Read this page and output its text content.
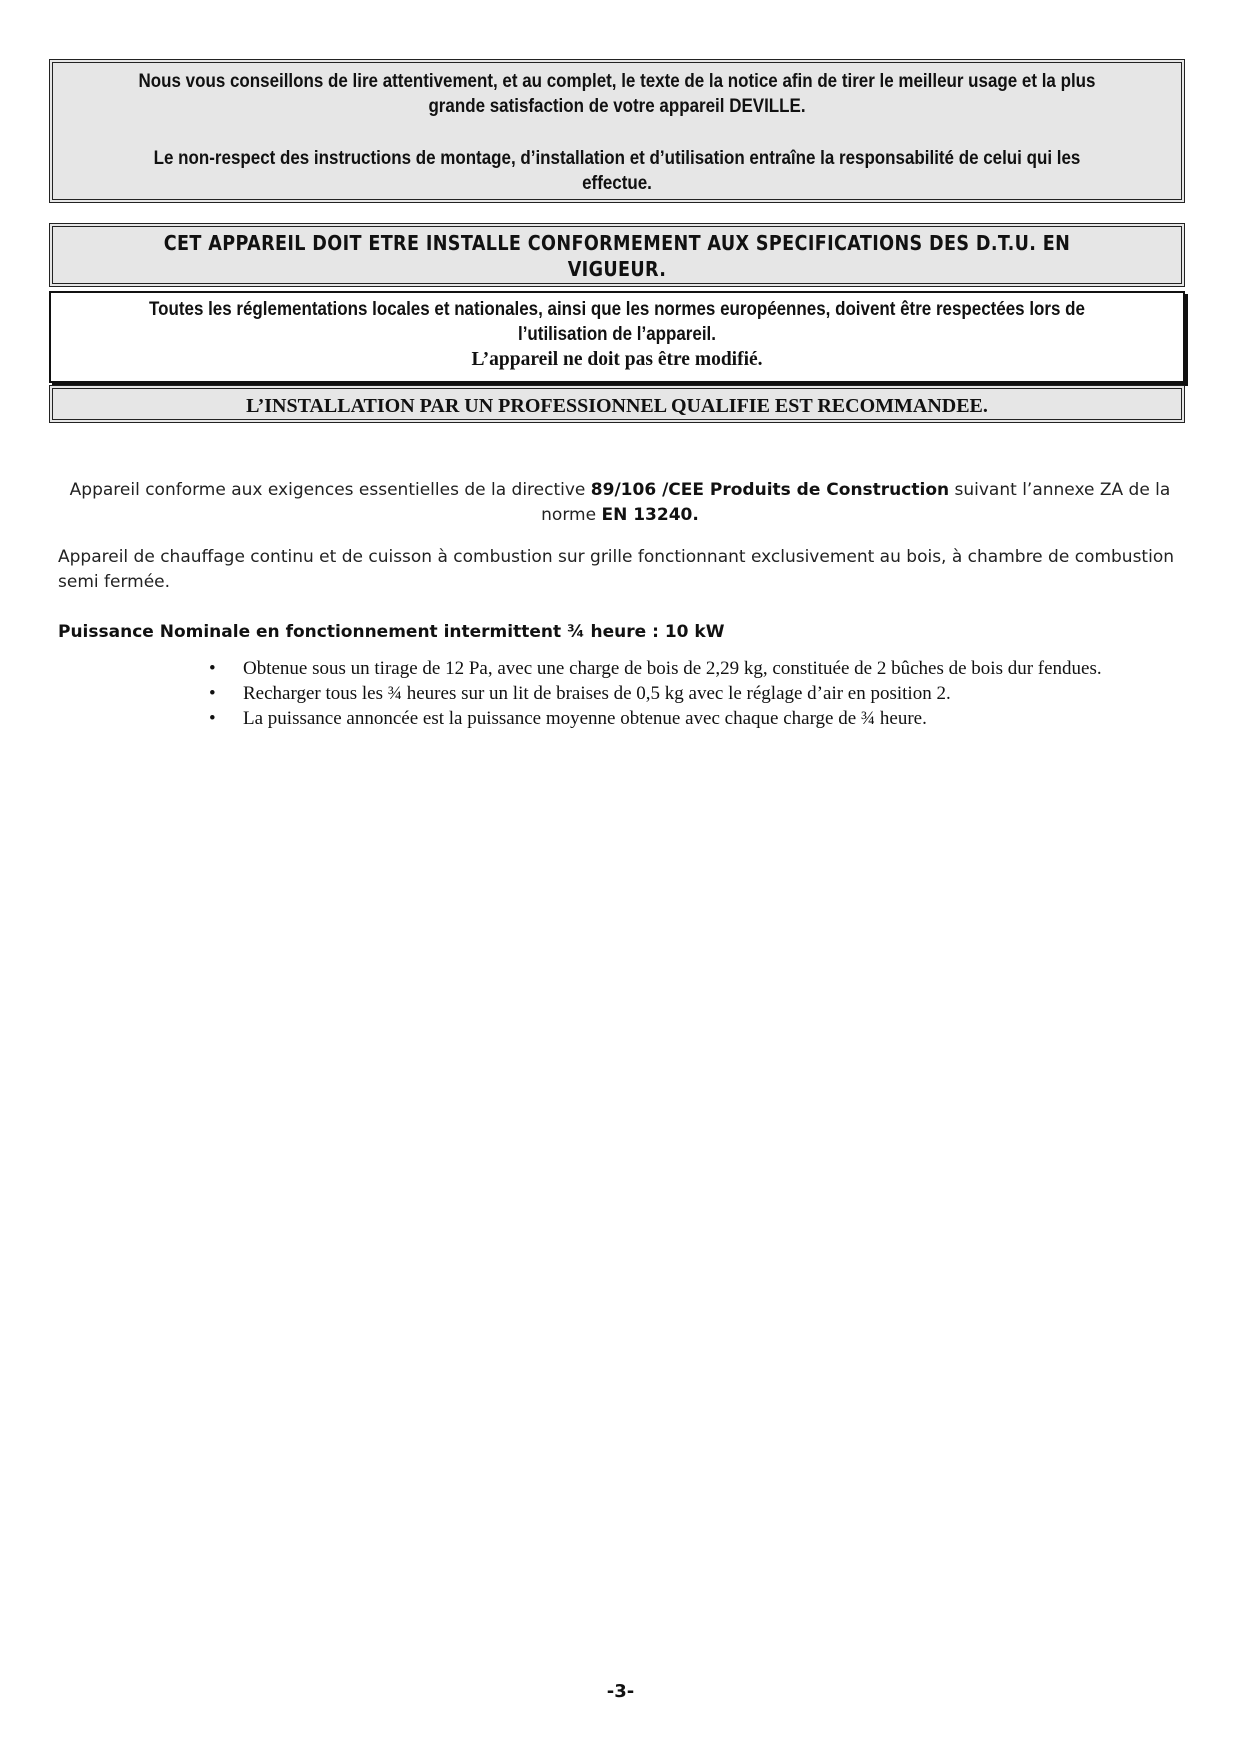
Nous vous conseillons de lire attentivement, et au complet, le texte de la notice afin de tirer le meilleur usage et la plus grande satisfaction de votre appareil DEVILLE.
Le non-respect des instructions de montage, d’installation et d’utilisation entraîne la responsabilité de celui qui les effectue.
CET APPAREIL DOIT ETRE INSTALLE CONFORMEMENT AUX SPECIFICATIONS DES D.T.U. EN VIGUEUR.
Toutes les réglementations locales et nationales, ainsi que les normes européennes, doivent être respectées lors de l’utilisation de l’appareil.
L’appareil ne doit pas être modifié.
L’INSTALLATION PAR UN PROFESSIONNEL QUALIFIE EST RECOMMANDEE.

Appareil conforme aux exigences essentielles de la directive 89/106 /CEE Produits de Construction suivant l’annexe ZA de la norme EN 13240.

Appareil de chauffage continu et de cuisson à combustion sur grille fonctionnant exclusivement au bois, à chambre de combustion semi fermée.

Puissance Nominale en fonctionnement intermittent ¾ heure : 10 kW

• Obtenue sous un tirage de 12 Pa, avec une charge de bois de 2,29 kg, constituée de 2 bûches de bois dur fendues.
• Recharger tous les ¾ heures sur un lit de braises de 0,5 kg avec le réglage d’air en position 2.
• La puissance annoncée est la puissance moyenne obtenue avec chaque charge de ¾ heure.
-3-
